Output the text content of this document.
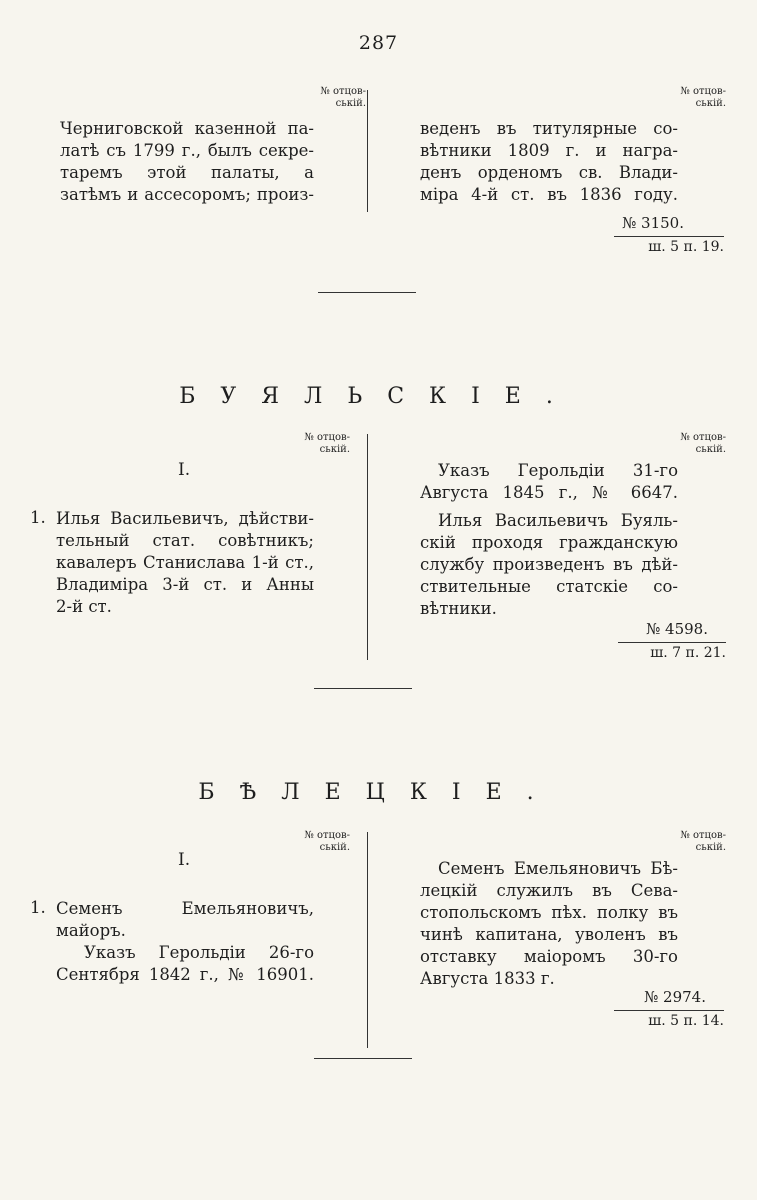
287
№ отцов-ській.
№ отцов-ській.
Черниговской казенной па-
латѣ съ 1799 г., былъ секре-
таремъ этой палаты, а
затѣмъ и ассесоромъ; произ-
веденъ въ титулярные со-
вѣтники 1809 г. и награ-
денъ орденомъ св. Влади-
міра 4-й ст. въ 1836 году.
№ 3150.
ш. 5 п. 19.
БУЯЛЬСКІЕ.
№ отцов-ській.
№ отцов-ській.
I.
1. Илья Васильевичъ, дѣйстви-
тельный стат. совѣтникъ;
кавалеръ Станислава 1-й ст.,
Владиміра 3-й ст. и Анны
2-й ст.
Указъ Герольдіи 31-го
Августа 1845 г., № 6647.
Илья Васильевичъ Буяль-
скій проходя гражданскую
службу произведенъ въ дѣй-
ствительные статскіе со-
вѣтники.
№ 4598.
ш. 7 п. 21.
БѢЛЕЦКІЕ.
№ отцов-ській.
№ отцов-ській.
I.
1. Семенъ Емельяновичъ,
майоръ.
Указъ Герольдіи 26-го
Сентября 1842 г., № 16901.
Семенъ Емельяновичъ Бѣ-
лецкій служилъ въ Сева-
стопольскомъ пѣх. полку въ
чинѣ капитана, уволенъ въ
отставку маіоромъ 30-го
Августа 1833 г.
№ 2974.
ш. 5 п. 14.
